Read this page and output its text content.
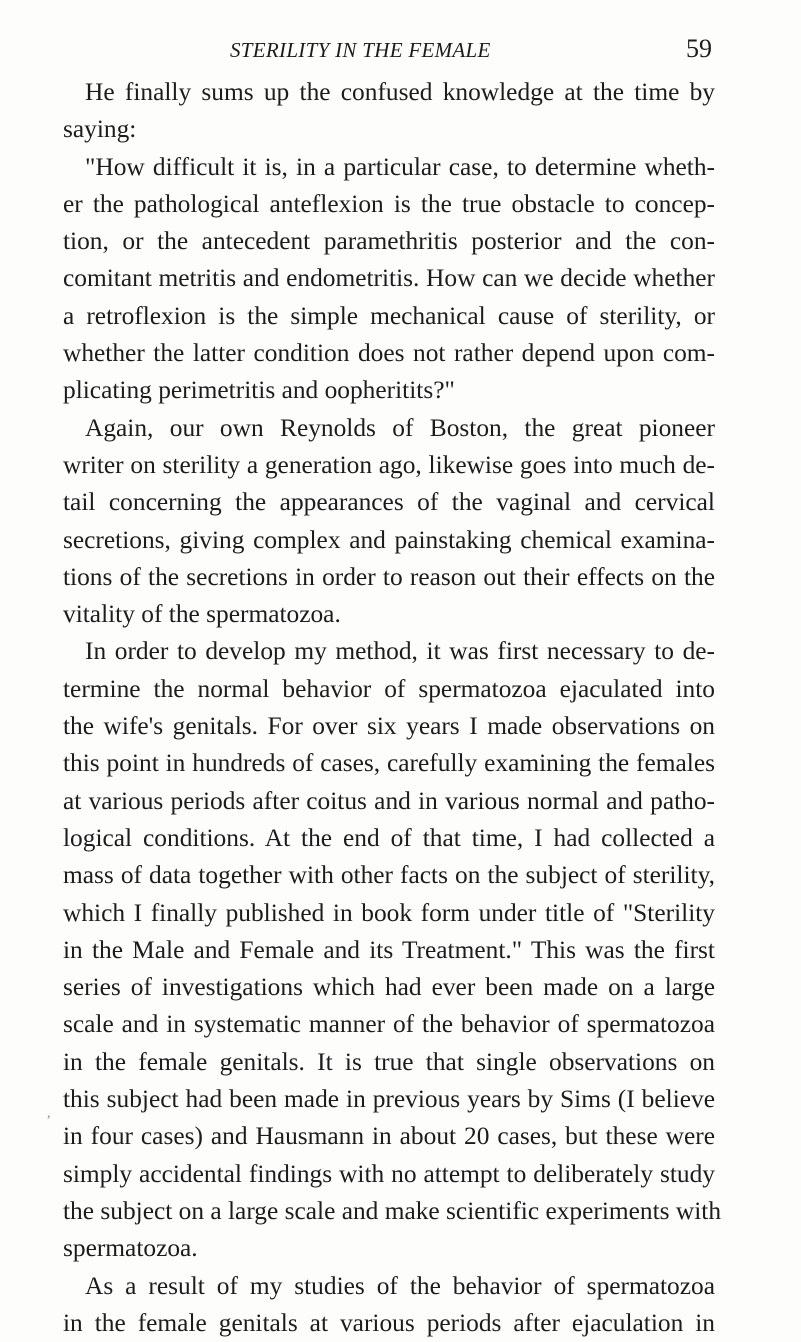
STERILITY IN THE FEMALE	59

He finally sums up the confused knowledge at the time by
saying:

"How difficult it is, in a particular case, to determine wheth-
er the pathological anteflexion is the true obstacle to concep-
tion, or the antecedent paramethritis posterior and the con-
comitant metritis and endometritis. How can we decide whether
a retroflexion is the simple mechanical cause of sterility, or
whether the latter condition does not rather depend upon com-
plicating perimetritis and oopheritits?"

Again, our own Reynolds of Boston, the great pioneer
writer on sterility a generation ago, likewise goes into much de-
tail concerning the appearances of the vaginal and cervical
secretions, giving complex and painstaking chemical examina-
tions of the secretions in order to reason out their effects on the
vitality of the spermatozoa.

In order to develop my method, it was first necessary to de-
termine the normal behavior of spermatozoa ejaculated into
the wife's genitals. For over six years I made observations on
this point in hundreds of cases, carefully examining the females
at various periods after coitus and in various normal and patho-
logical conditions. At the end of that time, I had collected a
mass of data together with other facts on the subject of sterility,
which I finally published in book form under title of "Sterility
in the Male and Female and its Treatment." This was the first
series of investigations which had ever been made on a large
scale and in systematic manner of the behavior of spermatozoa
in the female genitals. It is true that single observations on
this subject had been made in previous years by Sims (I believe
in four cases) and Hausmann in about 20 cases, but these were
simply accidental findings with no attempt to deliberately study
the subject on a large scale and make scientific experiments with
spermatozoa.

As a result of my studies of the behavior of spermatozoa
in the female genitals at various periods after ejaculation in

,
